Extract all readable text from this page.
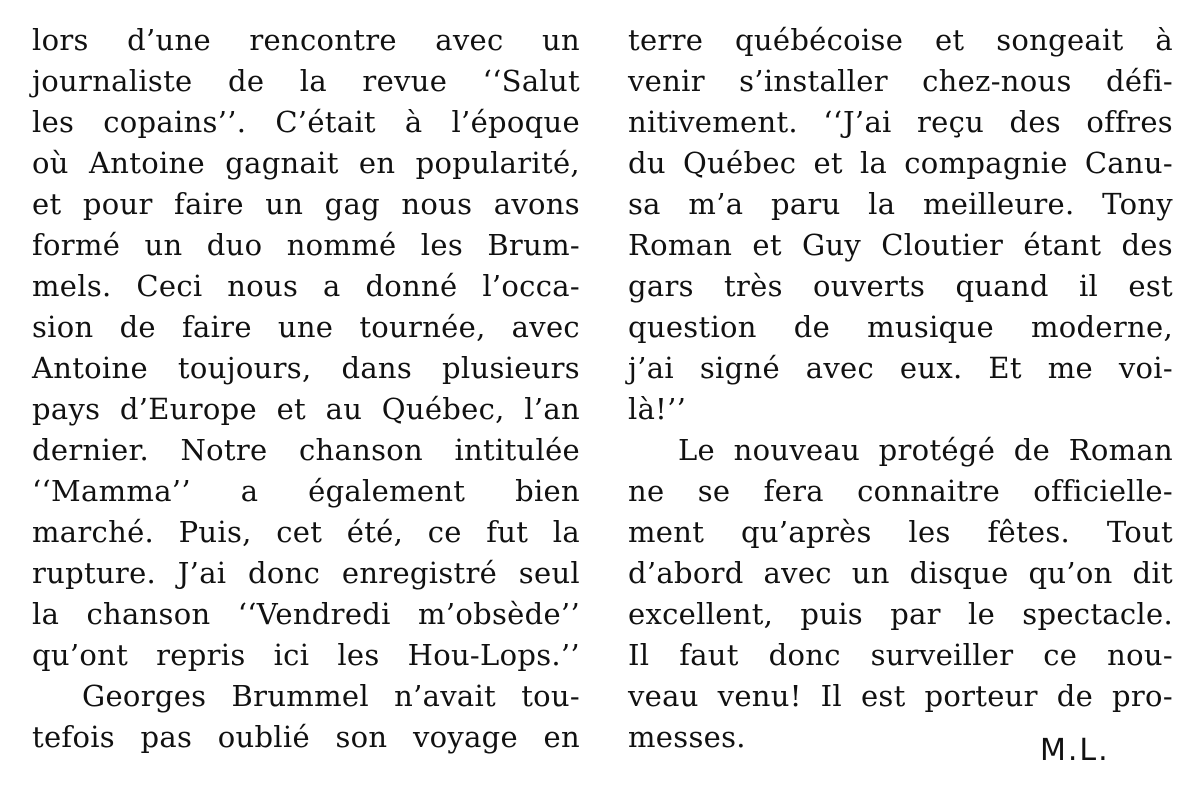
lors d’une rencontre avec un
journaliste de la revue ‘‘Salut
les copains’’. C’était à l’époque
où Antoine gagnait en popularité,
et pour faire un gag nous avons
formé un duo nommé les Brum-
mels. Ceci nous a donné l’occa-
sion de faire une tournée, avec
Antoine toujours, dans plusieurs
pays d’Europe et au Québec, l’an
dernier. Notre chanson intitulée
‘‘Mamma’’ a également bien
marché. Puis, cet été, ce fut la
rupture. J’ai donc enregistré seul
la chanson ‘‘Vendredi m’obsède’’
qu’ont repris ici les Hou-Lops.’’
Georges Brummel n’avait tou-
tefois pas oublié son voyage en
terre québécoise et songeait à
venir s’installer chez-nous défi-
nitivement. ‘‘J’ai reçu des offres
du Québec et la compagnie Canu-
sa m’a paru la meilleure. Tony
Roman et Guy Cloutier étant des
gars très ouverts quand il est
question de musique moderne,
j’ai signé avec eux. Et me voi-
là!’’
Le nouveau protégé de Roman
ne se fera connaitre officielle-
ment qu’après les fêtes. Tout
d’abord avec un disque qu’on dit
excellent, puis par le spectacle.
Il faut donc surveiller ce nou-
veau venu! Il est porteur de pro-
messes.	M.L.
